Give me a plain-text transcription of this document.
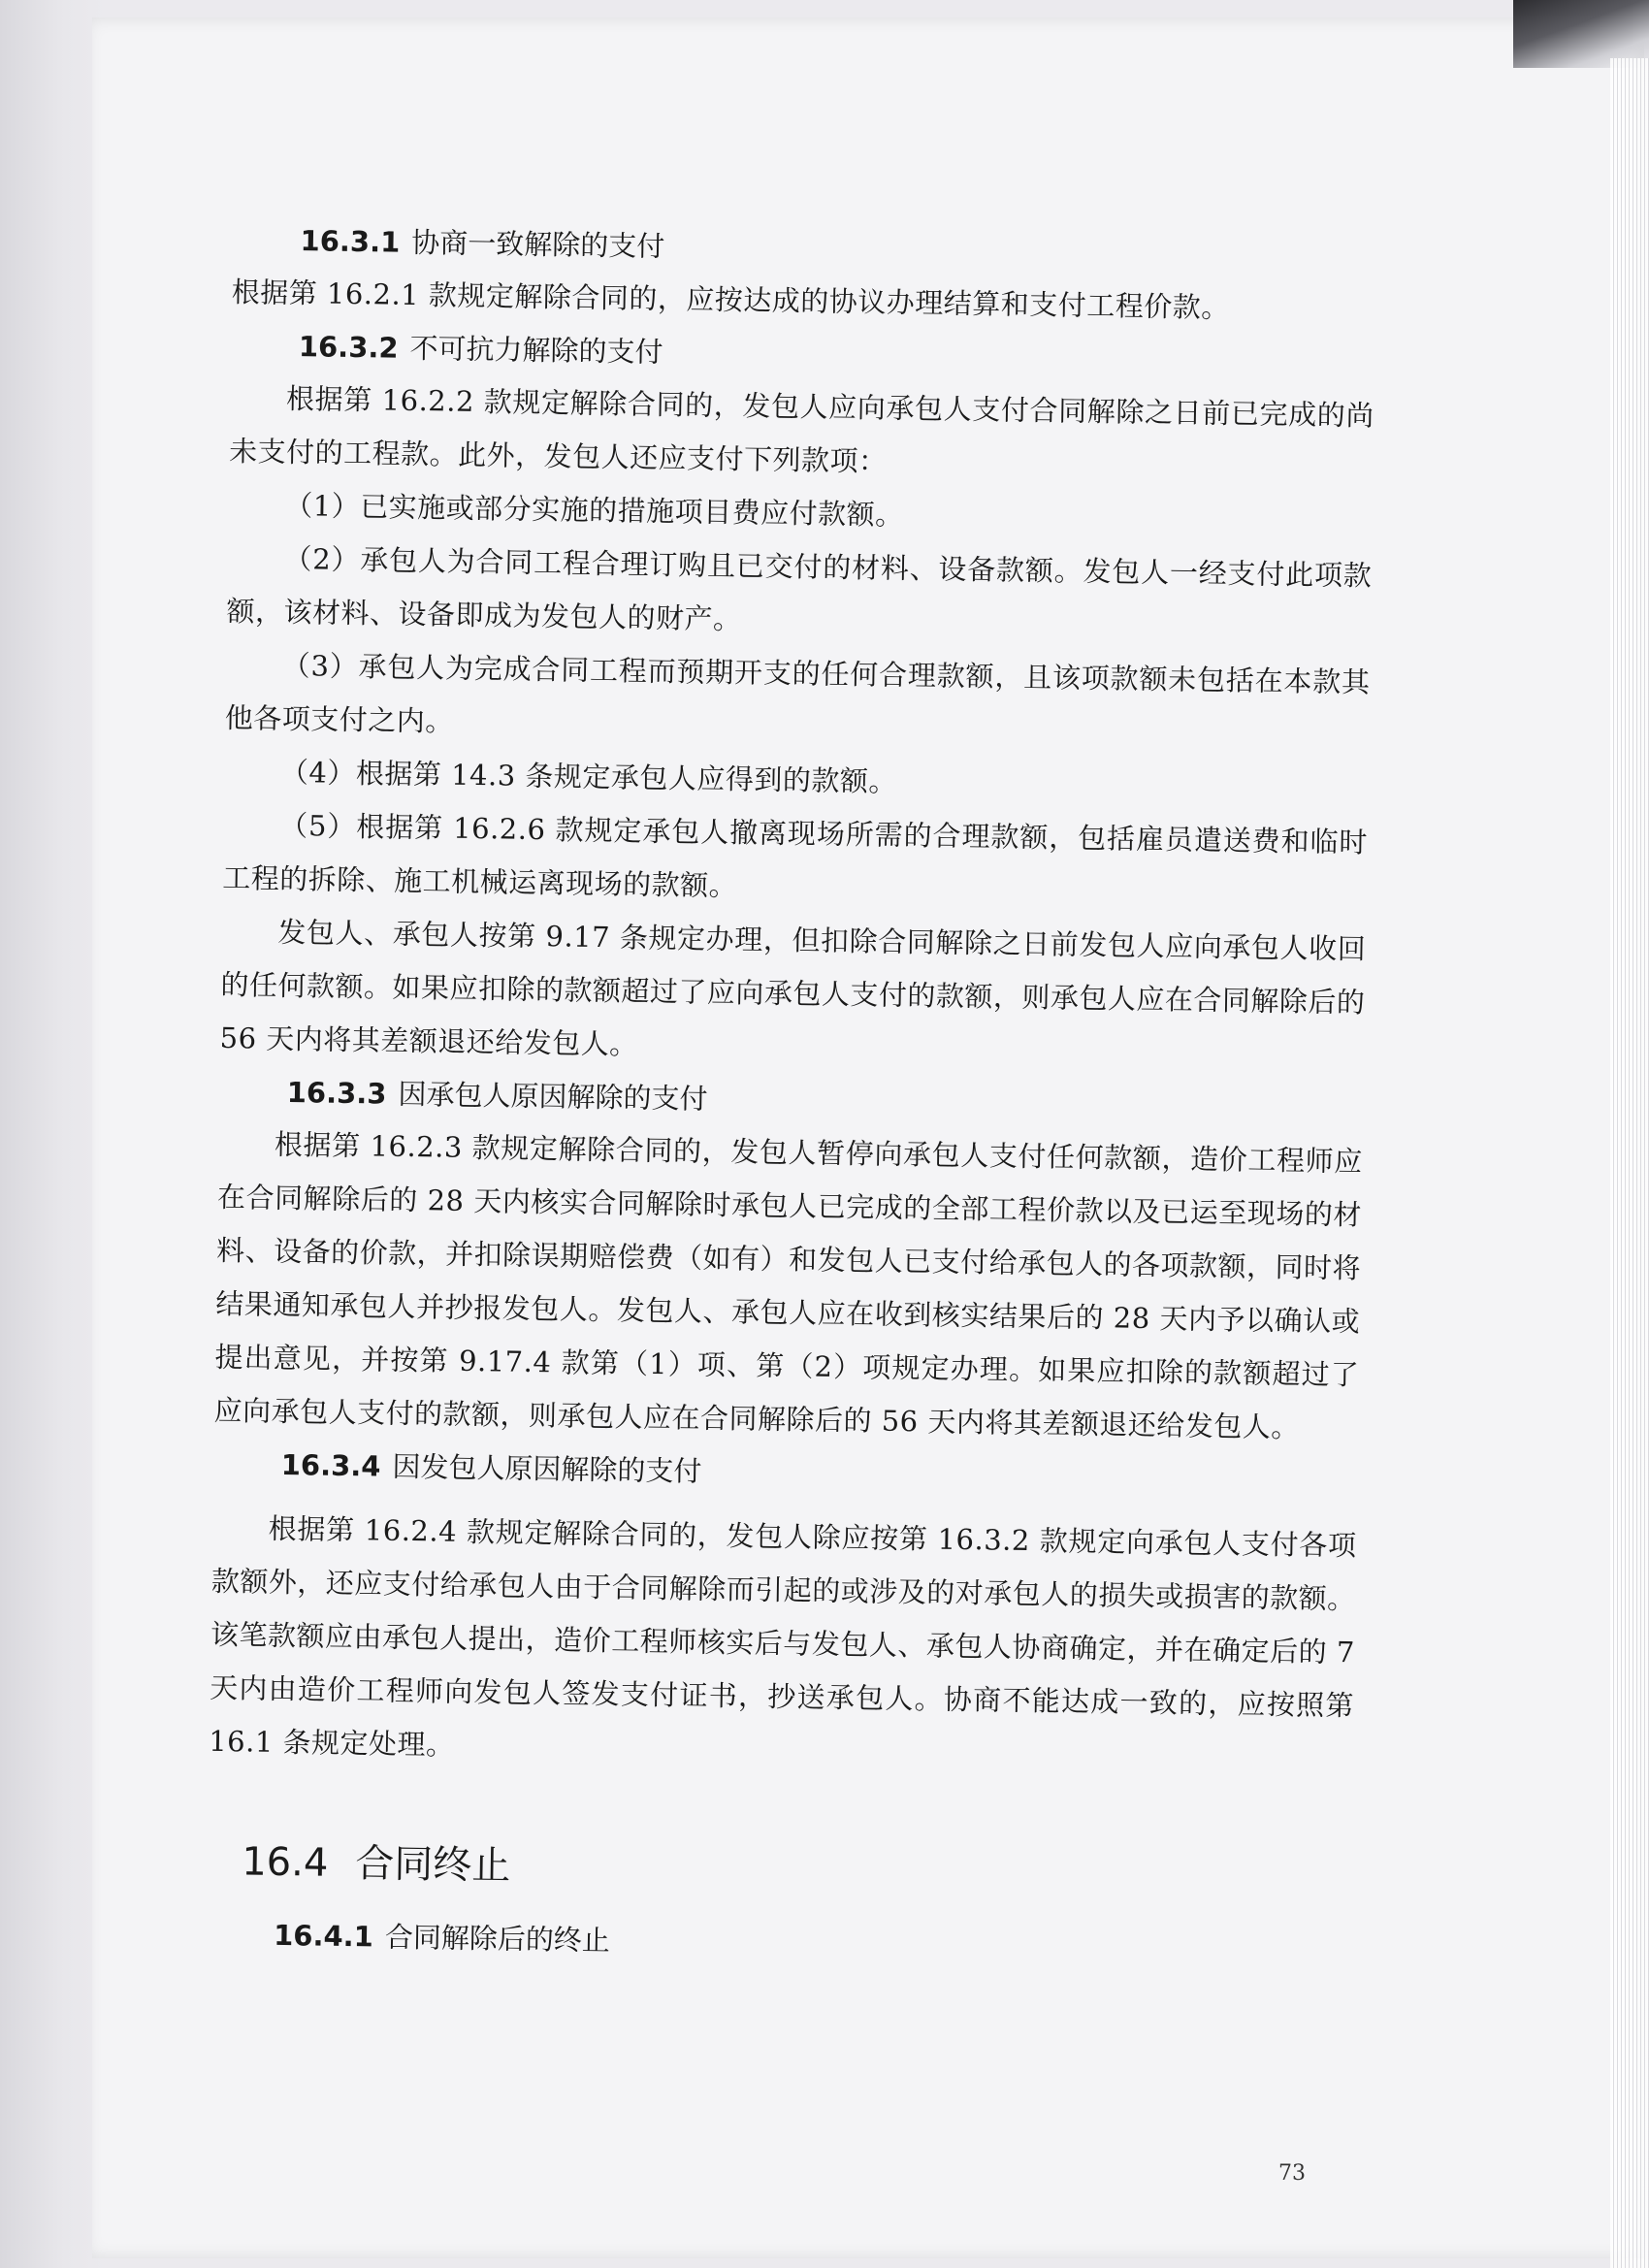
16.3.1 协商一致解除的支付

根据第 16.2.1 款规定解除合同的，应按达成的协议办理结算和支付工程价款。

16.3.2 不可抗力解除的支付

根据第 16.2.2 款规定解除合同的，发包人应向承包人支付合同解除之日前已完成的尚未支付的工程款。此外，发包人还应支付下列款项：

（1）已实施或部分实施的措施项目费应付款额。

（2）承包人为合同工程合理订购且已交付的材料、设备款额。发包人一经支付此项款额，该材料、设备即成为发包人的财产。

（3）承包人为完成合同工程而预期开支的任何合理款额，且该项款额未包括在本款其他各项支付之内。

（4）根据第 14.3 条规定承包人应得到的款额。

（5）根据第 16.2.6 款规定承包人撤离现场所需的合理款额，包括雇员遣送费和临时工程的拆除、施工机械运离现场的款额。

发包人、承包人按第 9.17 条规定办理，但扣除合同解除之日前发包人应向承包人收回的任何款额。如果应扣除的款额超过了应向承包人支付的款额，则承包人应在合同解除后的 56 天内将其差额退还给发包人。

16.3.3 因承包人原因解除的支付

根据第 16.2.3 款规定解除合同的，发包人暂停向承包人支付任何款额，造价工程师应在合同解除后的 28 天内核实合同解除时承包人已完成的全部工程价款以及已运至现场的材料、设备的价款，并扣除误期赔偿费（如有）和发包人已支付给承包人的各项款额，同时将结果通知承包人并抄报发包人。发包人、承包人应在收到核实结果后的 28 天内予以确认或提出意见，并按第 9.17.4 款第（1）项、第（2）项规定办理。如果应扣除的款额超过了应向承包人支付的款额，则承包人应在合同解除后的 56 天内将其差额退还给发包人。

16.3.4 因发包人原因解除的支付

根据第 16.2.4 款规定解除合同的，发包人除应按第 16.3.2 款规定向承包人支付各项款额外，还应支付给承包人由于合同解除而引起的或涉及的对承包人的损失或损害的款额。该笔款额应由承包人提出，造价工程师核实后与发包人、承包人协商确定，并在确定后的 7 天内由造价工程师向发包人签发支付证书，抄送承包人。协商不能达成一致的，应按照第 16.1 条规定处理。

16.4 合同终止

16.4.1 合同解除后的终止

73
